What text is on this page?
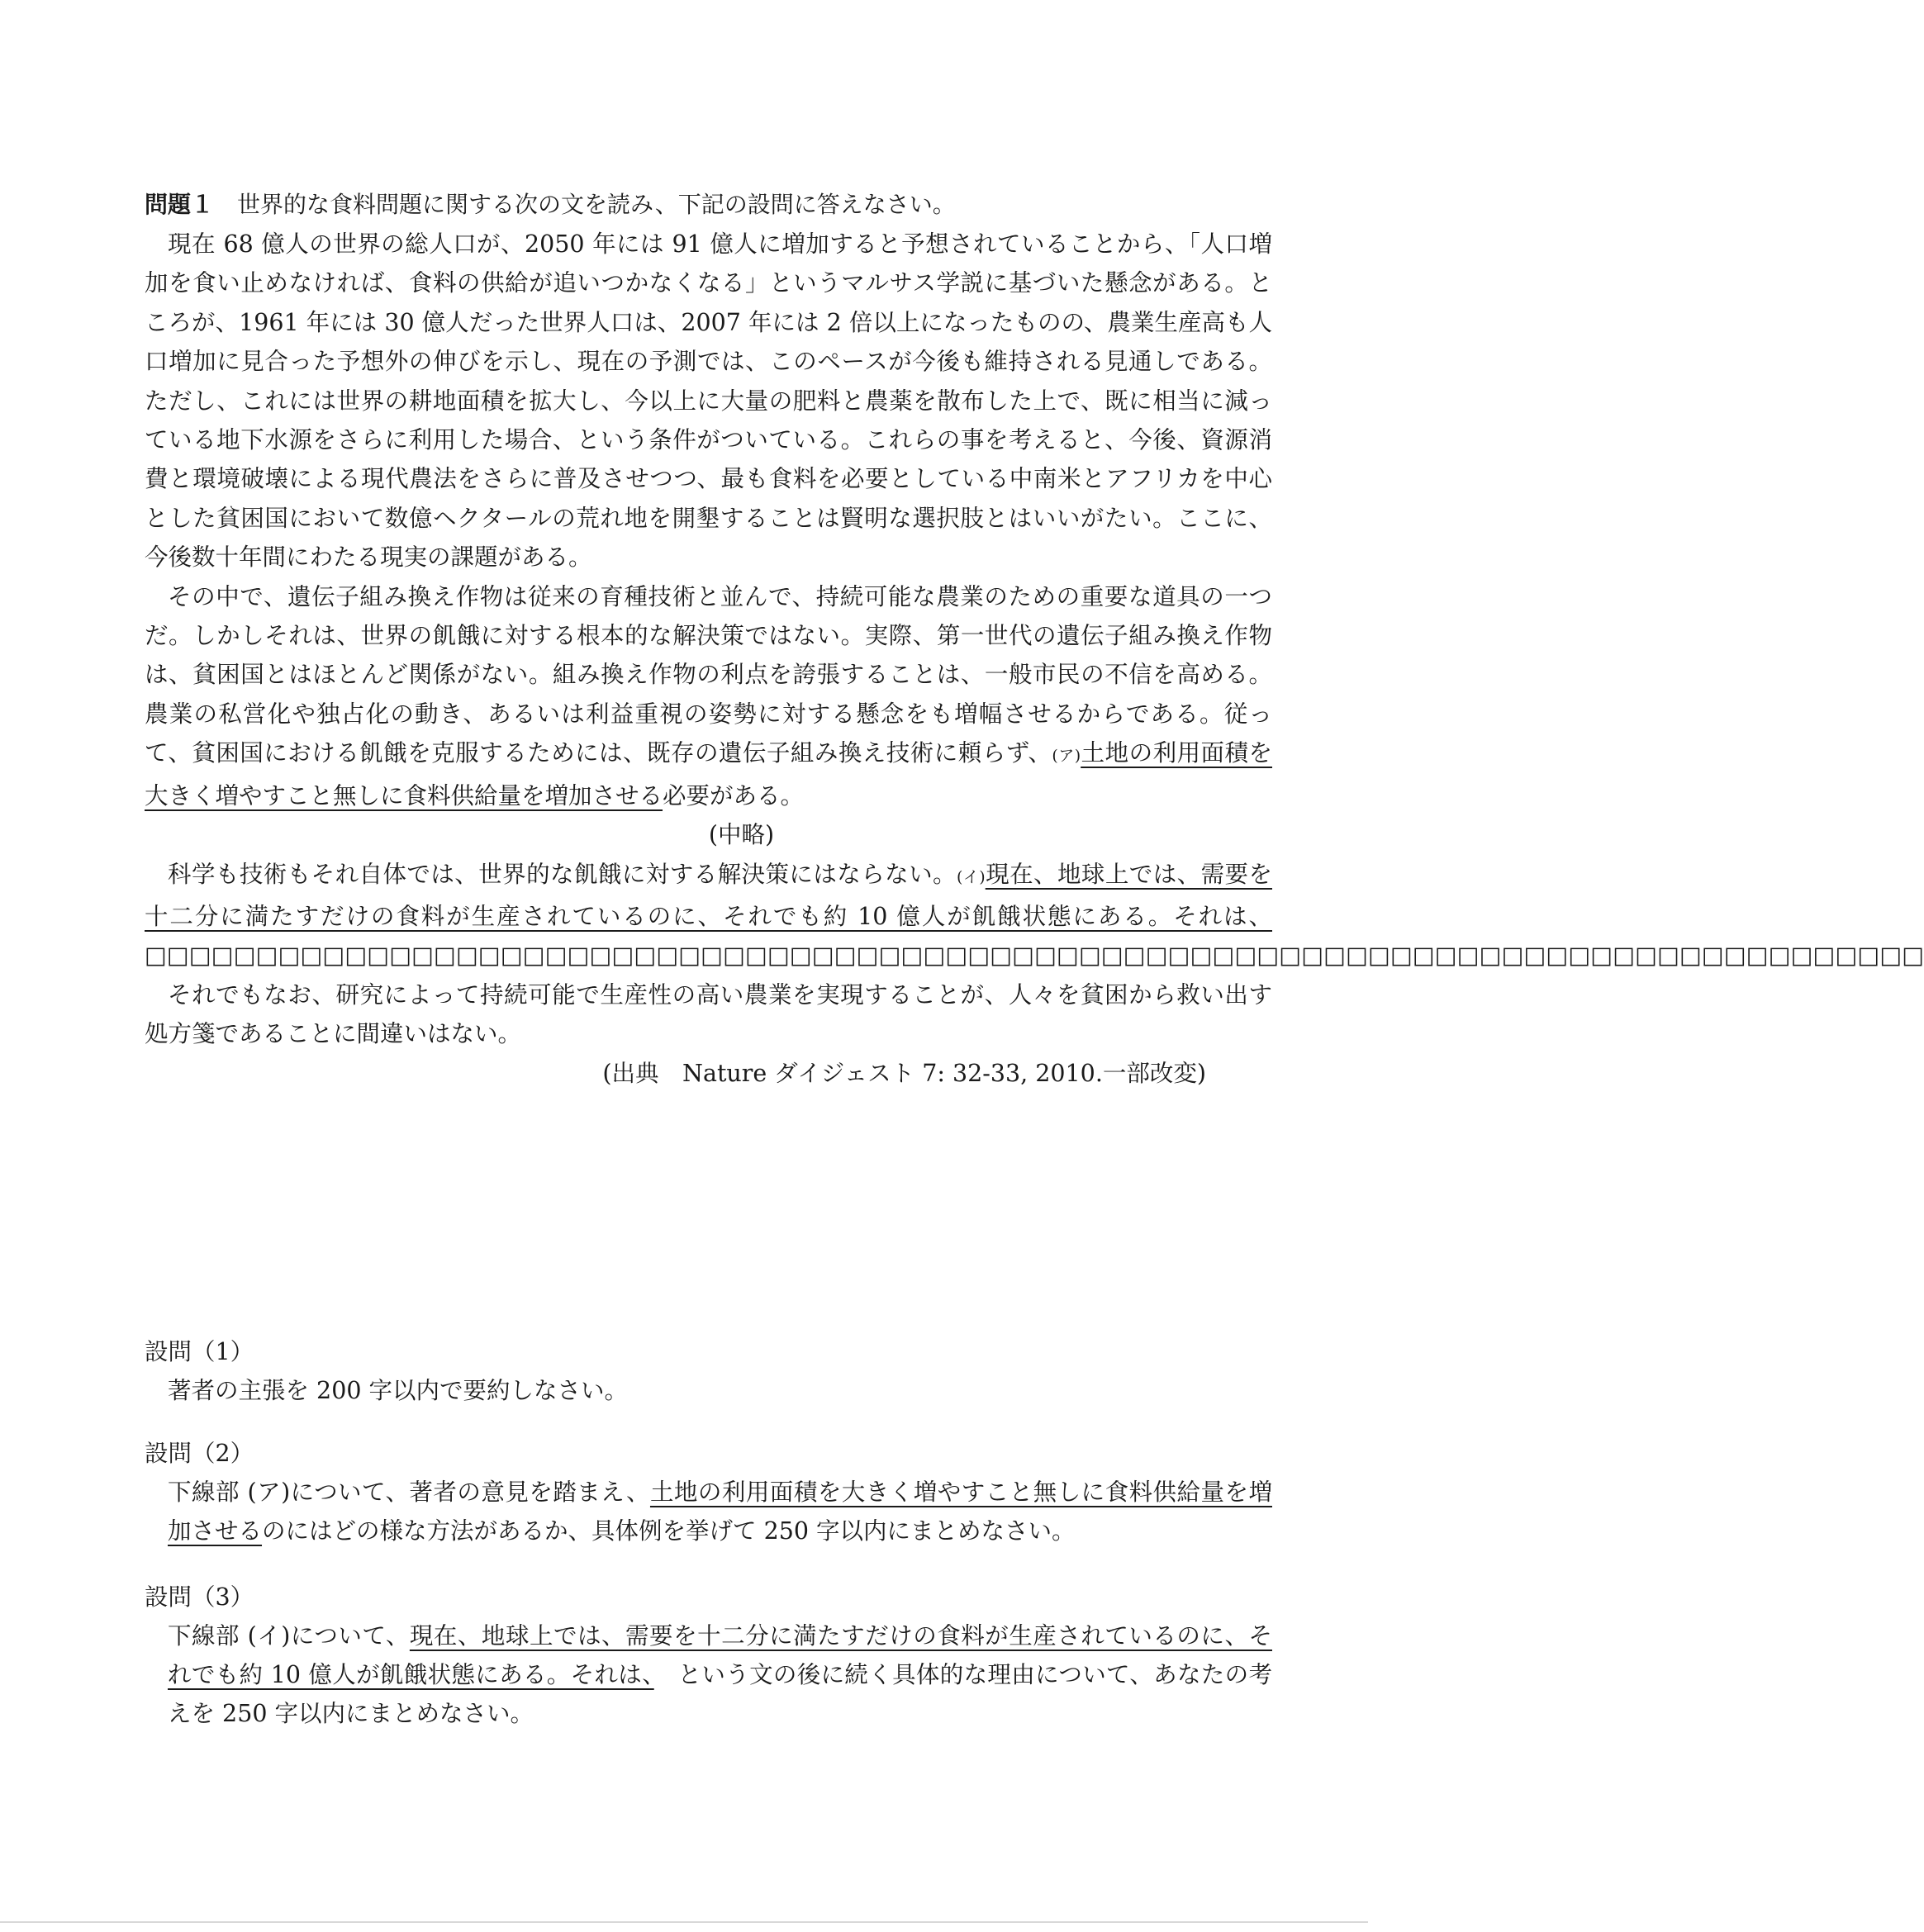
問題１ 世界的な食料問題に関する次の文を読み、下記の設問に答えなさい。

現在 68 億人の世界の総人口が、2050 年には 91 億人に増加すると予想されていることから、「人口増加を食い止めなければ、食料の供給が追いつかなくなる」というマルサス学説に基づいた懸念がある。ところが、1961 年には 30 億人だった世界人口は、2007 年には 2 倍以上になったものの、農業生産高も人口増加に見合った予想外の伸びを示し、現在の予測では、このペースが今後も維持される見通しである。ただし、これには世界の耕地面積を拡大し、今以上に大量の肥料と農薬を散布した上で、既に相当に減っている地下水源をさらに利用した場合、という条件がついている。これらの事を考えると、今後、資源消費と環境破壊による現代農法をさらに普及させつつ、最も食料を必要としている中南米とアフリカを中心とした貧困国において数億ヘクタールの荒れ地を開墾することは賢明な選択肢とはいいがたい。ここに、今後数十年間にわたる現実の課題がある。

その中で、遺伝子組み換え作物は従来の育種技術と並んで、持続可能な農業のための重要な道具の一つだ。しかしそれは、世界の飢餓に対する根本的な解決策ではない。実際、第一世代の遺伝子組み換え作物は、貧困国とはほとんど関係がない。組み換え作物の利点を誇張することは、一般市民の不信を高める。農業の私営化や独占化の動き、あるいは利益重視の姿勢に対する懸念をも増幅させるからである。従って、貧困国における飢餓を克服するためには、既存の遺伝子組み換え技術に頼らず、(ア)土地の利用面積を大きく増やすこと無しに食料供給量を増加させる必要がある。

(中略)

科学も技術もそれ自体では、世界的な飢餓に対する解決策にはならない。(イ)現在、地球上では、需要を十二分に満たすだけの食料が生産されているのに、それでも約 10 億人が飢餓状態にある。それは、□□□□□□□□□□□□□□□□□□□□□□□□□□□□□□□□□□□□□□□□□□□□□□□□□□□□□□□□□□□□□□□□□□□□□□□□□□□□□□□□

それでもなお、研究によって持続可能で生産性の高い農業を実現することが、人々を貧困から救い出す処方箋であることに間違いはない。

(出典　Nature ダイジェスト 7: 32-33, 2010.一部改変)

設問（1）

著者の主張を 200 字以内で要約しなさい。

設問（2）

下線部 (ア)について、著者の意見を踏まえ、土地の利用面積を大きく増やすこと無しに食料供給量を増加させるのにはどの様な方法があるか、具体例を挙げて 250 字以内にまとめなさい。

設問（3）

下線部 (イ)について、現在、地球上では、需要を十二分に満たすだけの食料が生産されているのに、それでも約 10 億人が飢餓状態にある。それは、　という文の後に続く具体的な理由について、あなたの考えを 250 字以内にまとめなさい。
